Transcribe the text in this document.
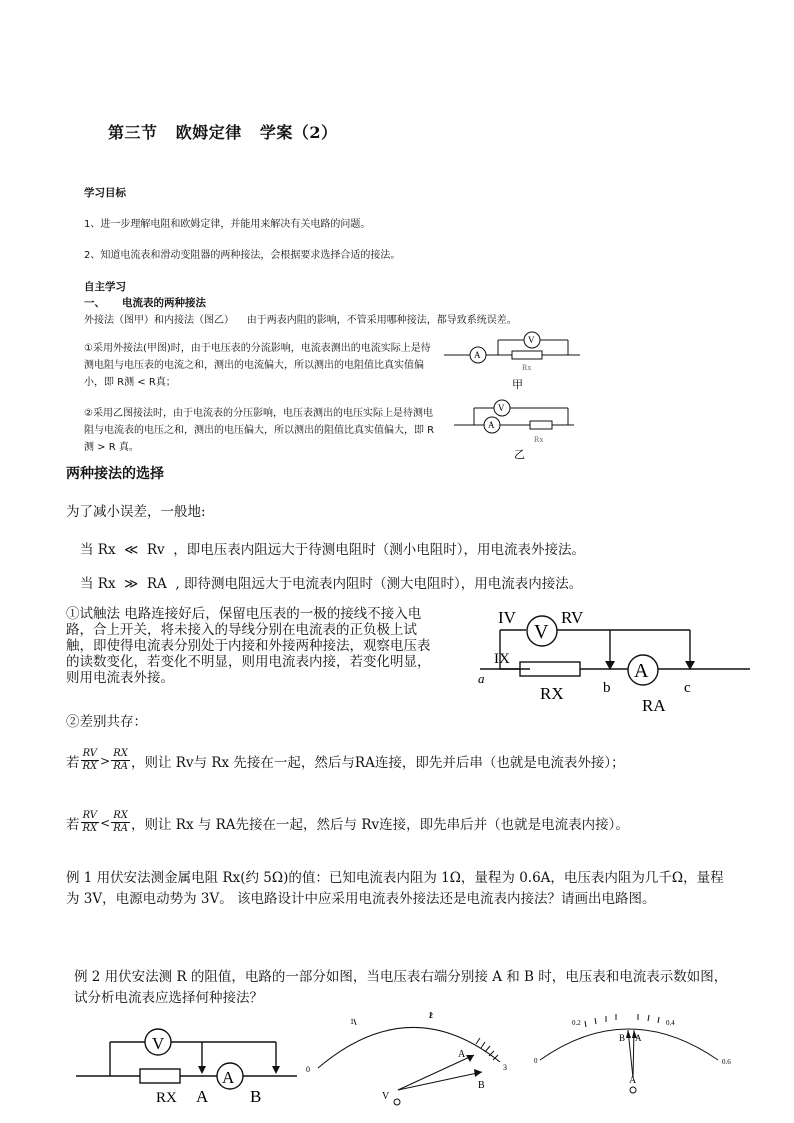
第三节   欧姆定律   学案（2）
学习目标
1、进一步理解电阻和欧姆定律，并能用来解决有关电路的问题。
2、知道电流表和滑动变阻器的两种接法，会根据要求选择合适的接法。
自主学习
一、 电流表的两种接法
外接法（图甲）和内接法（图乙）    由于两表内阻的影响，不管采用哪种接法，都导致系统误差。
①采用外接法(甲图)时，由于电压表的分流影响，电流表测出的电流实际上是待测电阻与电压表的电流之和，测出的电流偏大，所以测出的电阻值比真实值偏小，即 R测 < R真；
②采用乙图接法时，由于电流表的分压影响，电压表测出的电压实际上是待测电阻与电流表的电压之和，测出的电压偏大，所以测出的阻值比真实值偏大，即 R测 > R 真。
A
V
Rx
甲
A
V
Rx
乙
两种接法的选择
为了减小误差，一般地:
当 Rx  ≪  Rv  ，即电压表内阻远大于待测电阻时（测小电阻时），用电流表外接法。
当 Rx  ≫  RA  , 即待测电阻远大于电流表内阻时（测大电阻时），用电流表内接法。
①试触法 电路连接好后，保留电压表的一极的接线不接入电路，合上开关，将未接入的导线分别在电流表的正负极上试触，即使得电流表分别处于内接和外接两种接法，观察电压表的读数变化，若变化不明显，则用电流表内接，若变化明显，则用电流表外接。
IV
V
RV
IX
a
b	c
A
RX
RA
②差别共存：
若 $\frac{RV}{RX} > \frac{RX}{RA}$ ，则让 Rv与 Rx 先接在一起，然后与RA连接，即先并后串（也就是电流表外接）；
若 $\frac{RV}{RX} < \frac{RX}{RA}$ ，则让 Rx 与 RA先接在一起，然后与 Rv连接，即先串后并（也就是电流表内接）。
例 1 用伏安法测金属电阻 Rx(约 5Ω)的值：已知电流表内阻为 1Ω，量程为 0.6A，电压表内阻为几千Ω，量程为 3V，电源电动势为 3V。 该电路设计中应采用电流表外接法还是电流表内接法？请画出电路图。
例 2 用伏安法测 R 的阻值，电路的一部分如图，当电压表右端分别接 A 和 B 时，电压表和电流表示数如图，试分析电流表应选择何种接法？
V
A
RX A B
0
1
2
3
A
B
V
0
0.2	0.4
0.6
B A
A
